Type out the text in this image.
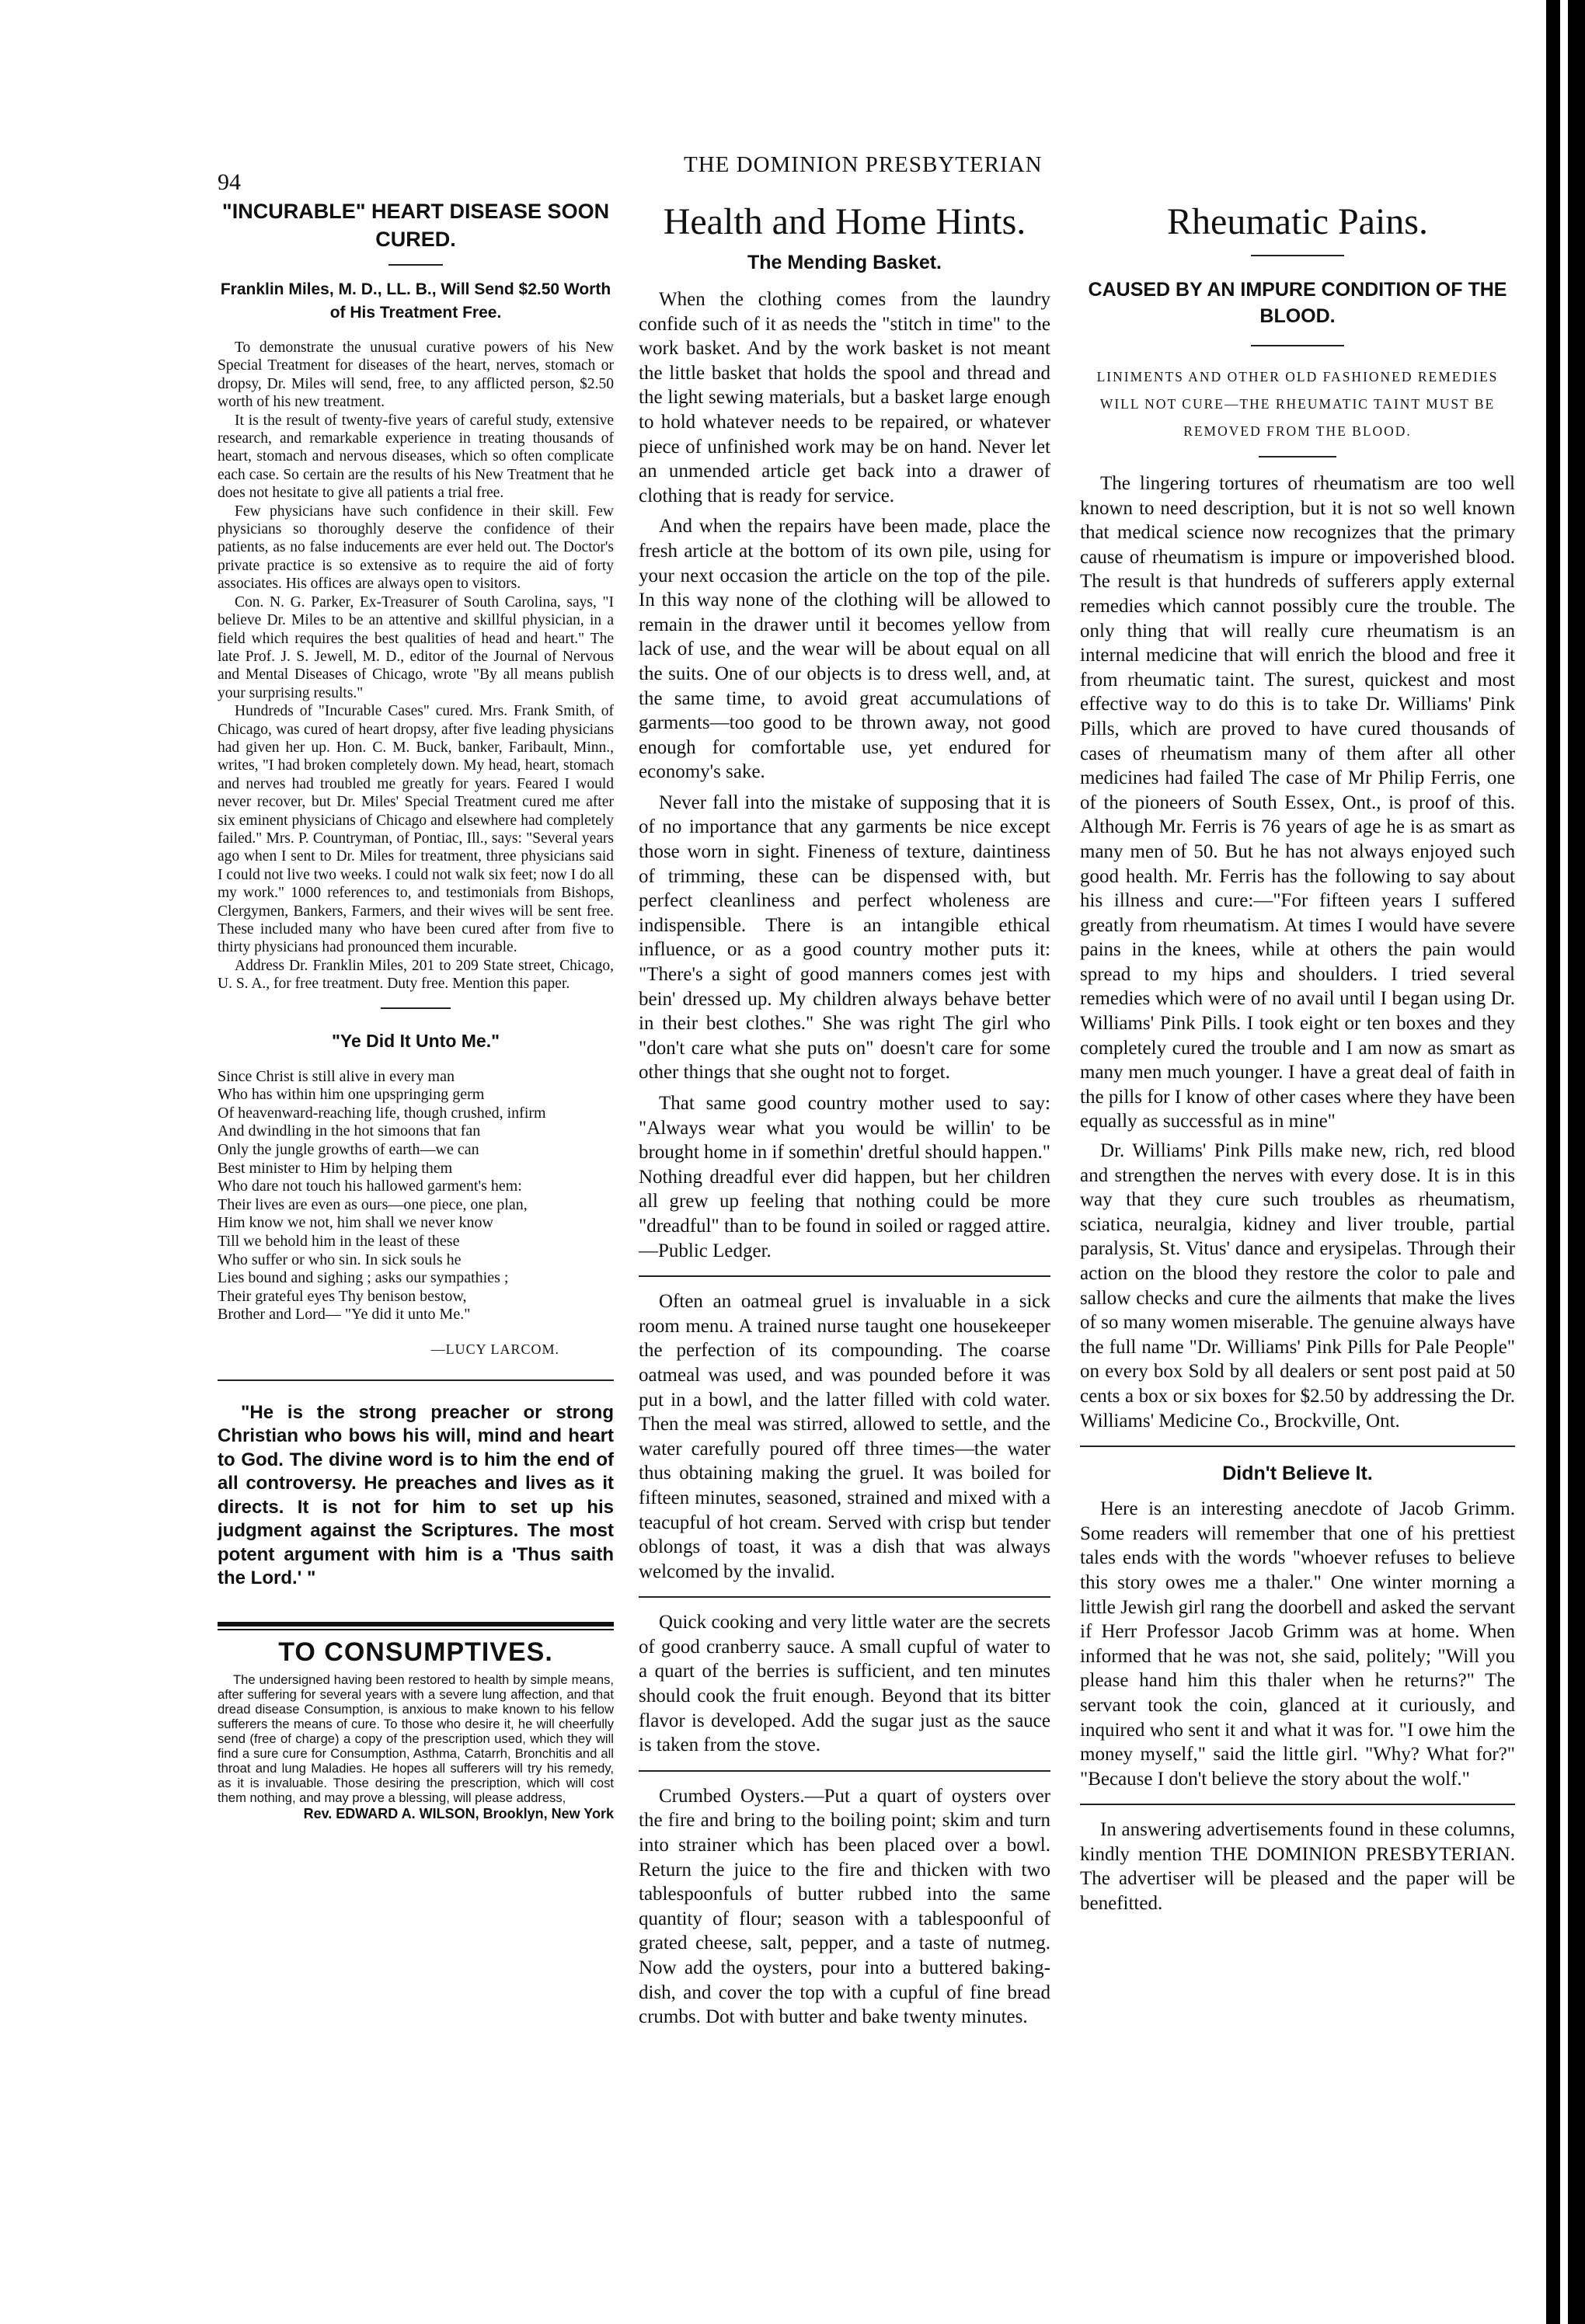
94
THE DOMINION PRESBYTERIAN
"INCURABLE" HEART DISEASE SOON CURED.
Franklin Miles, M. D., LL. B., Will Send $2.50 Worth of His Treatment Free.

To demonstrate the unusual curative powers of his New Special Treatment for diseases of the heart, nerves, stomach or dropsy, Dr. Miles will send, free, to any afflicted person, $2.50 worth of his new treatment.

It is the result of twenty-five years of careful study, extensive research, and remarkable experience in treating thousands of heart, stomach and nervous diseases, which so often complicate each case. So certain are the results of his New Treatment that he does not hesitate to give all patients a trial free.

Few physicians have such confidence in their skill. Few physicians so thoroughly deserve the confidence of their patients, as no false inducements are ever held out. The Doctor's private practice is so extensive as to require the aid of forty associates. His offices are always open to visitors.

Con. N. G. Parker, Ex-Treasurer of South Carolina, says, "I believe Dr. Miles to be an attentive and skillful physician, in a field which requires the best qualities of head and heart." The late Prof. J. S. Jewell, M. D., editor of the Journal of Nervous and Mental Diseases of Chicago, wrote "By all means publish your surprising results."

Hundreds of "Incurable Cases" cured. Mrs. Frank Smith, of Chicago, was cured of heart dropsy, after five leading physicians had given her up. Hon. C. M. Buck, banker, Faribault, Minn., writes, "I had broken completely down. My head, heart, stomach and nerves had troubled me greatly for years. Feared I would never recover, but Dr. Miles' Special Treatment cured me after six eminent physicians of Chicago and elsewhere had completely failed." Mrs. P. Countryman, of Pontiac, Ill., says: "Several years ago when I sent to Dr. Miles for treatment, three physicians said I could not live two weeks. I could not walk six feet; now I do all my work." 1000 references to, and testimonials from Bishops, Clergymen, Bankers, Farmers, and their wives will be sent free. These included many who have been cured after from five to thirty physicians had pronounced them incurable.

Address Dr. Franklin Miles, 201 to 209 State street, Chicago, U. S. A., for free treatment. Duty free. Mention this paper.

"Ye Did It Unto Me."
Since Christ is still alive in every man
Who has within him one upspringing germ
Of heavenward-reaching life, though crushed, infirm
And dwindling in the hot simoons that fan
Only the jungle growths of earth—we can
Best minister to Him by helping them
Who dare not touch his hallowed garment's hem:
Their lives are even as ours—one piece, one plan,
Him know we not, him shall we never know
Till we behold him in the least of these
Who suffer or who sin. In sick souls he
Lies bound and sighing ; asks our sympathies ;
Their grateful eyes Thy benison bestow,
Brother and Lord— "Ye did it unto Me."
—LUCY LARCOM.
"He is the strong preacher or strong Christian who bows his will, mind and heart to God. The divine word is to him the end of all controversy. He preaches and lives as it directs. It is not for him to set up his judgment against the Scriptures. The most potent argument with him is a 'Thus saith the Lord.' "
TO CONSUMPTIVES.
The undersigned having been restored to health by simple means, after suffering for several years with a severe lung affection, and that dread disease Consumption, is anxious to make known to his fellow sufferers the means of cure. To those who desire it, he will cheerfully send (free of charge) a copy of the prescription used, which they will find a sure cure for Consumption, Asthma, Catarrh, Bronchitis and all throat and lung Maladies. He hopes all sufferers will try his remedy, as it is invaluable. Those desiring the prescription, which will cost them nothing, and may prove a blessing, will please address,
Rev. EDWARD A. WILSON, Brooklyn, New York
Health and Home Hints.
The Mending Basket.

When the clothing comes from the laundry confide such of it as needs the "stitch in time" to the work basket. And by the work basket is not meant the little basket that holds the spool and thread and the light sewing materials, but a basket large enough to hold whatever needs to be repaired, or whatever piece of unfinished work may be on hand. Never let an unmended article get back into a drawer of clothing that is ready for service.

And when the repairs have been made, place the fresh article at the bottom of its own pile, using for your next occasion the article on the top of the pile. In this way none of the clothing will be allowed to remain in the drawer until it becomes yellow from lack of use, and the wear will be about equal on all the suits. One of our objects is to dress well, and, at the same time, to avoid great accumulations of garments—too good to be thrown away, not good enough for comfortable use, yet endured for economy's sake.

Never fall into the mistake of supposing that it is of no importance that any garments be nice except those worn in sight. Fineness of texture, daintiness of trimming, these can be dispensed with, but perfect cleanliness and perfect wholeness are indispensible. There is an intangible ethical influence, or as a good country mother puts it: "There's a sight of good manners comes jest with bein' dressed up. My children always behave better in their best clothes." She was right The girl who "don't care what she puts on" doesn't care for some other things that she ought not to forget.

That same good country mother used to say: "Always wear what you would be willin' to be brought home in if somethin' dretful should happen." Nothing dreadful ever did happen, but her children all grew up feeling that nothing could be more "dreadful" than to be found in soiled or ragged attire.—Public Ledger.

Often an oatmeal gruel is invaluable in a sick room menu. A trained nurse taught one housekeeper the perfection of its compounding. The coarse oatmeal was used, and was pounded before it was put in a bowl, and the latter filled with cold water. Then the meal was stirred, allowed to settle, and the water carefully poured off three times—the water thus obtaining making the gruel. It was boiled for fifteen minutes, seasoned, strained and mixed with a teacupful of hot cream. Served with crisp but tender oblongs of toast, it was a dish that was always welcomed by the invalid.

Quick cooking and very little water are the secrets of good cranberry sauce. A small cupful of water to a quart of the berries is sufficient, and ten minutes should cook the fruit enough. Beyond that its bitter flavor is developed. Add the sugar just as the sauce is taken from the stove.

Crumbed Oysters.—Put a quart of oysters over the fire and bring to the boiling point; skim and turn into strainer which has been placed over a bowl. Return the juice to the fire and thicken with two tablespoonfuls of butter rubbed into the same quantity of flour; season with a tablespoonful of grated cheese, salt, pepper, and a taste of nutmeg. Now add the oysters, pour into a buttered baking-dish, and cover the top with a cupful of fine bread crumbs. Dot with butter and bake twenty minutes.

Rheumatic Pains.
CAUSED BY AN IMPURE CONDITION OF THE BLOOD.
LINIMENTS AND OTHER OLD FASHIONED REMEDIES WILL NOT CURE—THE RHEUMATIC TAINT MUST BE REMOVED FROM THE BLOOD.

The lingering tortures of rheumatism are too well known to need description, but it is not so well known that medical science now recognizes that the primary cause of rheumatism is impure or impoverished blood. The result is that hundreds of sufferers apply external remedies which cannot possibly cure the trouble. The only thing that will really cure rheumatism is an internal medicine that will enrich the blood and free it from rheumatic taint. The surest, quickest and most effective way to do this is to take Dr. Williams' Pink Pills, which are proved to have cured thousands of cases of rheumatism many of them after all other medicines had failed The case of Mr Philip Ferris, one of the pioneers of South Essex, Ont., is proof of this. Although Mr. Ferris is 76 years of age he is as smart as many men of 50. But he has not always enjoyed such good health. Mr. Ferris has the following to say about his illness and cure:—"For fifteen years I suffered greatly from rheumatism. At times I would have severe pains in the knees, while at others the pain would spread to my hips and shoulders. I tried several remedies which were of no avail until I began using Dr. Williams' Pink Pills. I took eight or ten boxes and they completely cured the trouble and I am now as smart as many men much younger. I have a great deal of faith in the pills for I know of other cases where they have been equally as successful as in mine"

Dr. Williams' Pink Pills make new, rich, red blood and strengthen the nerves with every dose. It is in this way that they cure such troubles as rheumatism, sciatica, neuralgia, kidney and liver trouble, partial paralysis, St. Vitus' dance and erysipelas. Through their action on the blood they restore the color to pale and sallow checks and cure the ailments that make the lives of so many women miserable. The genuine always have the full name "Dr. Williams' Pink Pills for Pale People" on every box Sold by all dealers or sent post paid at 50 cents a box or six boxes for $2.50 by addressing the Dr. Williams' Medicine Co., Brockville, Ont.

Didn't Believe It.

Here is an interesting anecdote of Jacob Grimm. Some readers will remember that one of his prettiest tales ends with the words "whoever refuses to believe this story owes me a thaler." One winter morning a little Jewish girl rang the doorbell and asked the servant if Herr Professor Jacob Grimm was at home. When informed that he was not, she said, politely; "Will you please hand him this thaler when he returns?" The servant took the coin, glanced at it curiously, and inquired who sent it and what it was for. "I owe him the money myself," said the little girl. "Why? What for?" "Because I don't believe the story about the wolf."

In answering advertisements found in these columns, kindly mention THE DOMINION PRESBYTERIAN. The advertiser will be pleased and the paper will be benefitted.
